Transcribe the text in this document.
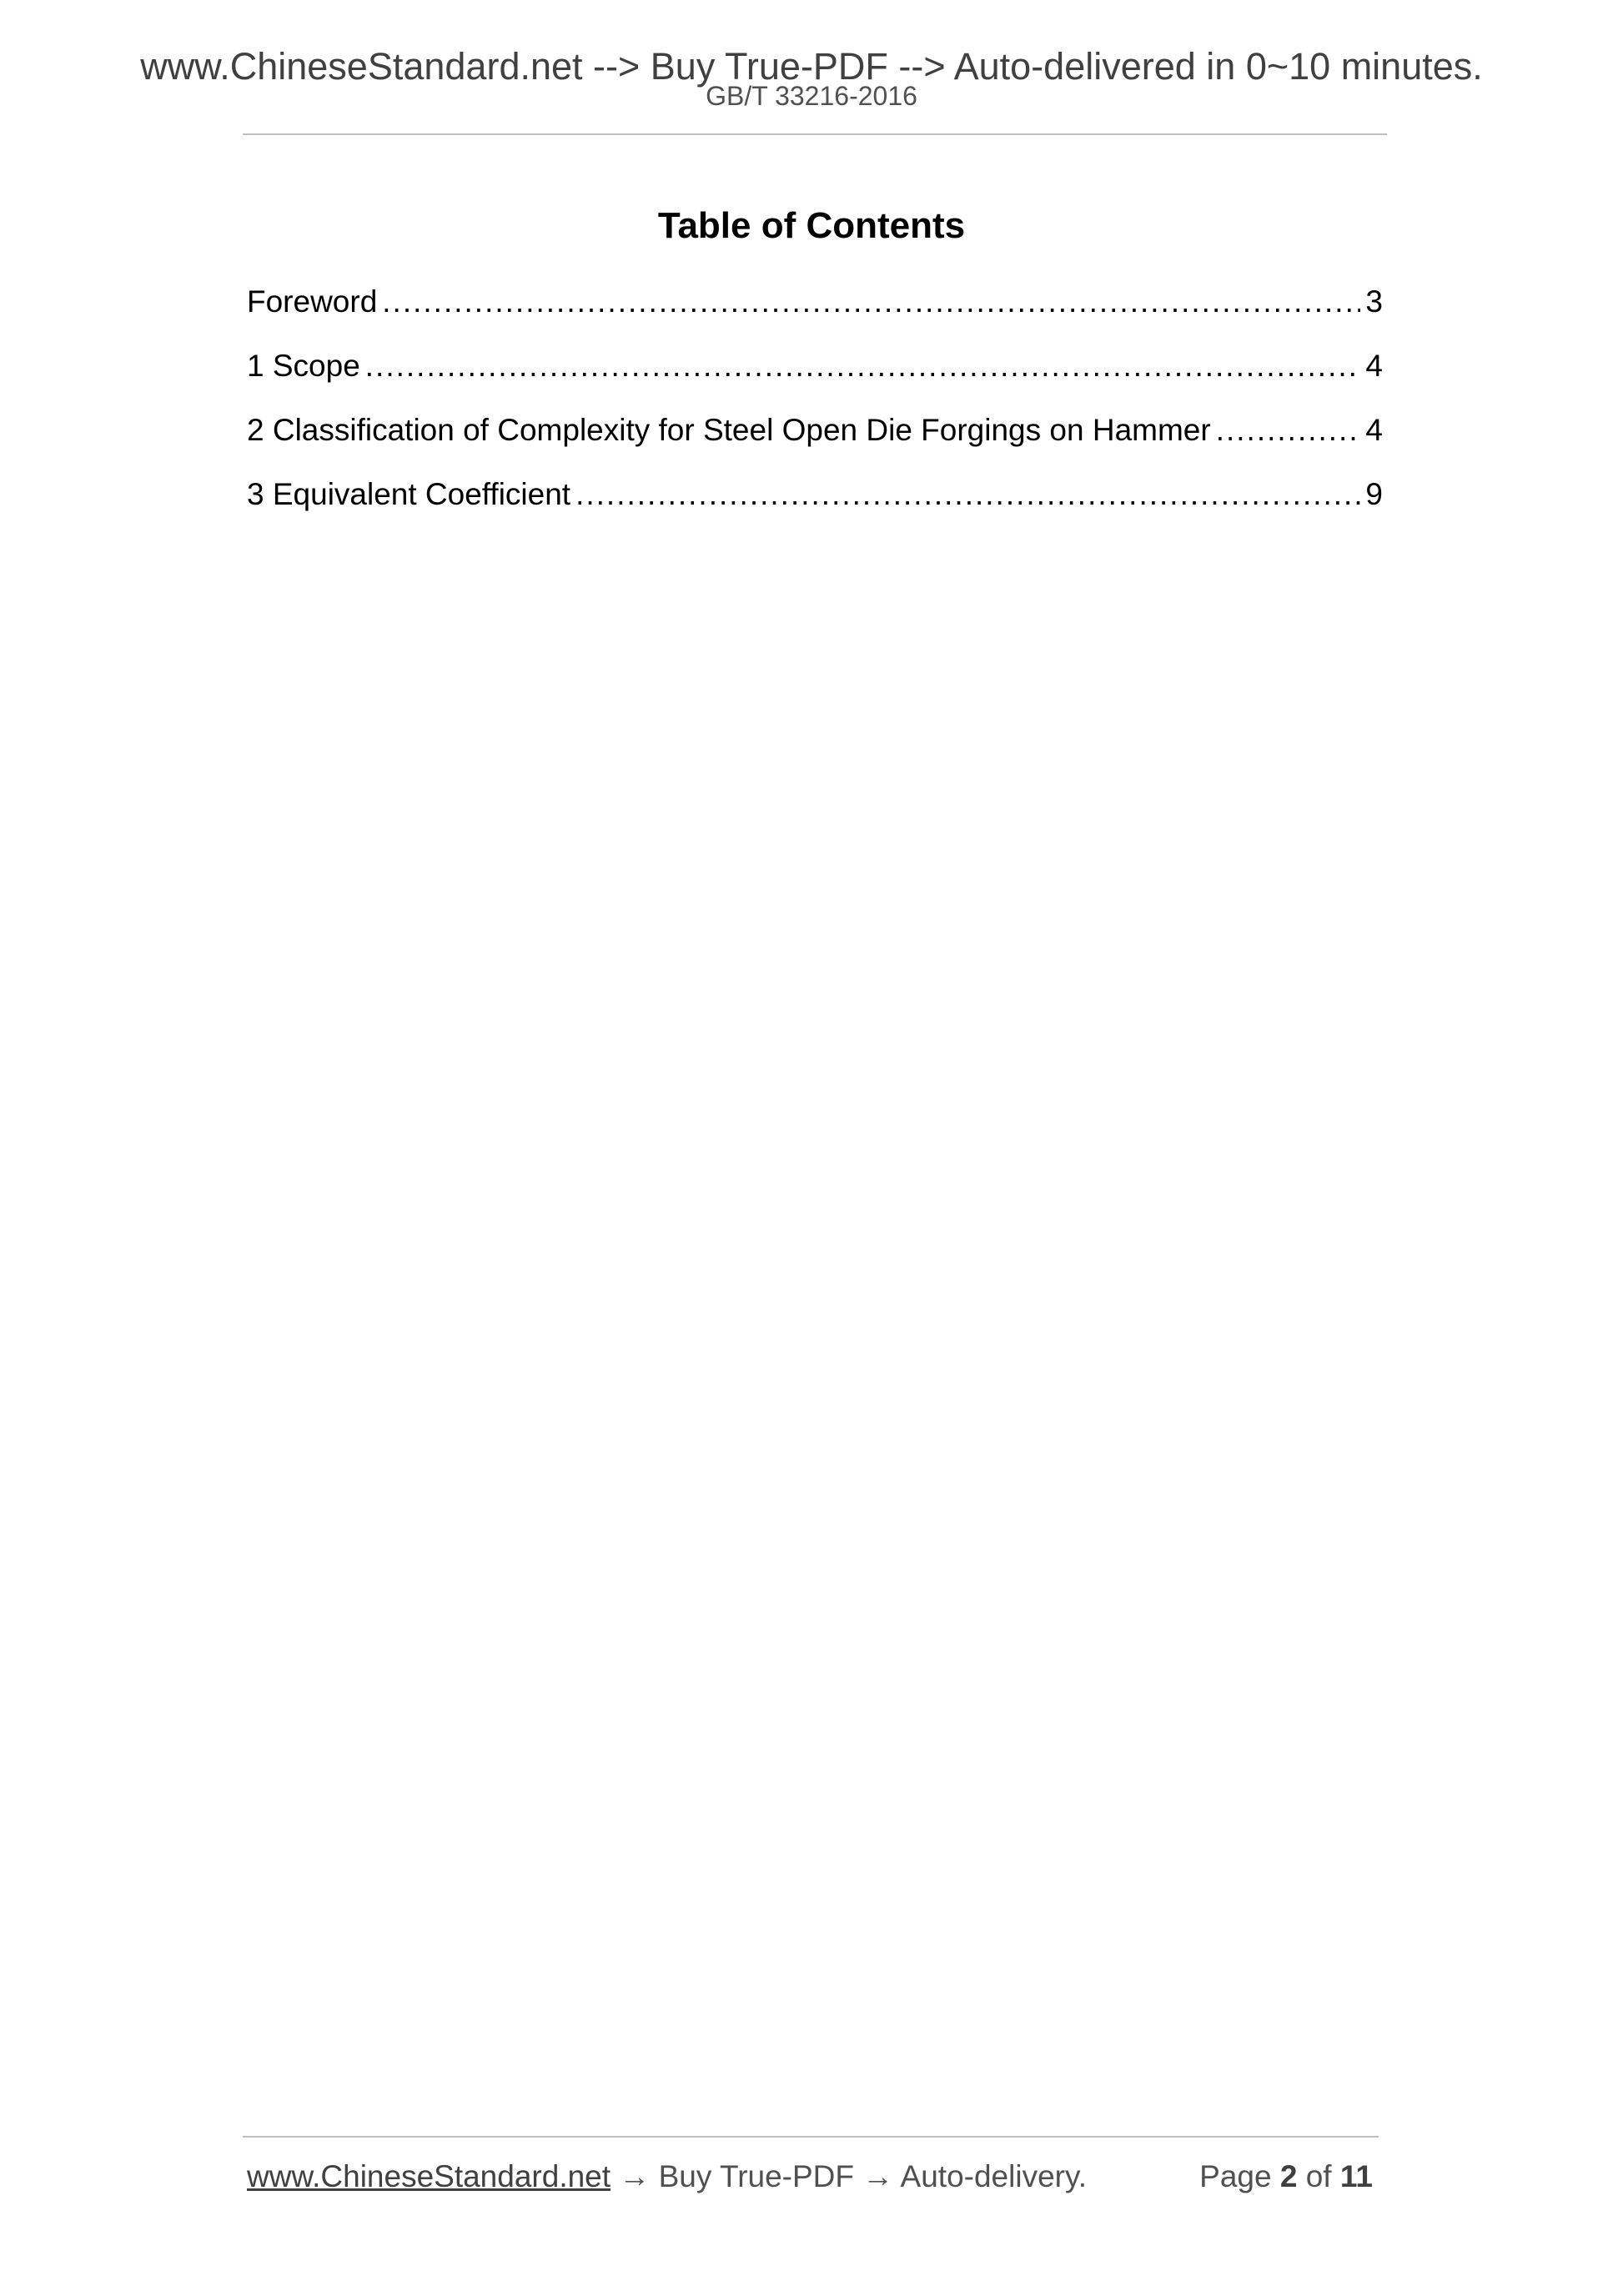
www.ChineseStandard.net --> Buy True-PDF --> Auto-delivered in 0~10 minutes.
GB/T 33216-2016
Table of Contents
Foreword .....	3
1 Scope .....	4
2 Classification of Complexity for Steel Open Die Forgings on Hammer .....	4
3 Equivalent Coefficient .....	9
www.ChineseStandard.net → Buy True-PDF → Auto-delivery.	Page 2 of 11
